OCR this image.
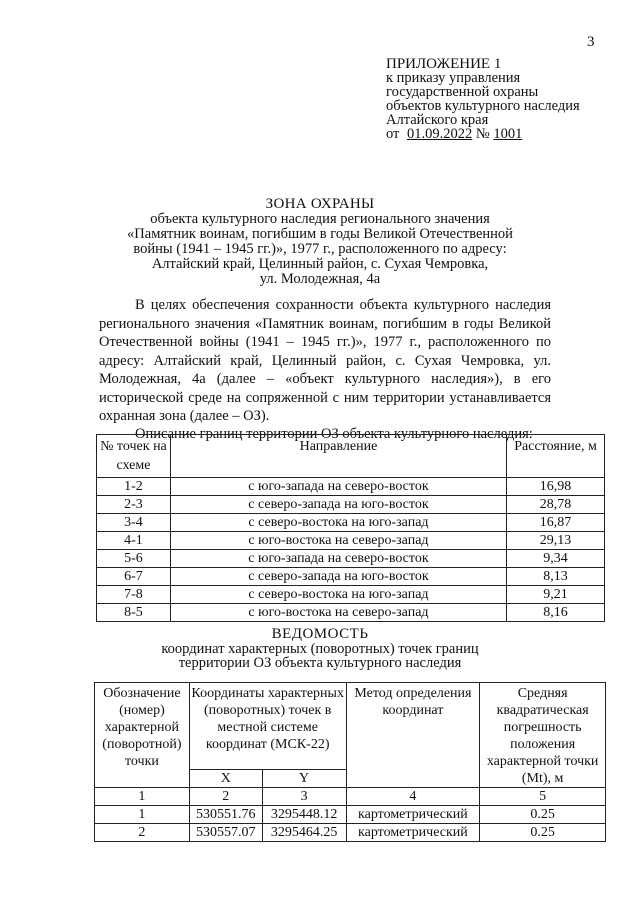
3
ПРИЛОЖЕНИЕ 1
к приказу управления
государственной охраны
объектов культурного наследия
Алтайского края
от 01.09.2022 № 1001
ЗОНА ОХРАНЫ
объекта культурного наследия регионального значения
«Памятник воинам, погибшим в годы Великой Отечественной
войны (1941 – 1945 гг.)», 1977 г., расположенного по адресу:
Алтайский край, Целинный район, с. Сухая Чемровка,
ул. Молодежная, 4а
В целях обеспечения сохранности объекта культурного наследия регионального значения «Памятник воинам, погибшим в годы Великой Отечественной войны (1941 – 1945 гг.)», 1977 г., расположенного по адресу: Алтайский край, Целинный район, с. Сухая Чемровка, ул. Молодежная, 4а (далее – «объект культурного наследия»), в его исторической среде на сопряженной с ним территории устанавливается охранная зона (далее – ОЗ).
Описание границ территории ОЗ объекта культурного наследия:
№ точек на схеме	Направление	Расстояние, м
1-2	с юго-запада на северо-восток	16,98
2-3	с северо-запада на юго-восток	28,78
3-4	с северо-востока на юго-запад	16,87
4-1	с юго-востока на северо-запад	29,13
5-6	с юго-запада на северо-восток	9,34
6-7	с северо-запада на юго-восток	8,13
7-8	с северо-востока на юго-запад	9,21
8-5	с юго-востока на северо-запад	8,16
ВЕДОМОСТЬ
координат характерных (поворотных) точек границ
территории ОЗ объекта культурного наследия
Обозначение (номер) характерной (поворотной) точки	Координаты характерных (поворотных) точек в местной системе координат (МСК-22)		Метод определения координат	Средняя квадратическая погрешность положения характерной точки (Mt), м
	X	Y		
1	2	3	4	5
1	530551.76	3295448.12	картометрический	0.25
2	530557.07	3295464.25	картометрический	0.25
